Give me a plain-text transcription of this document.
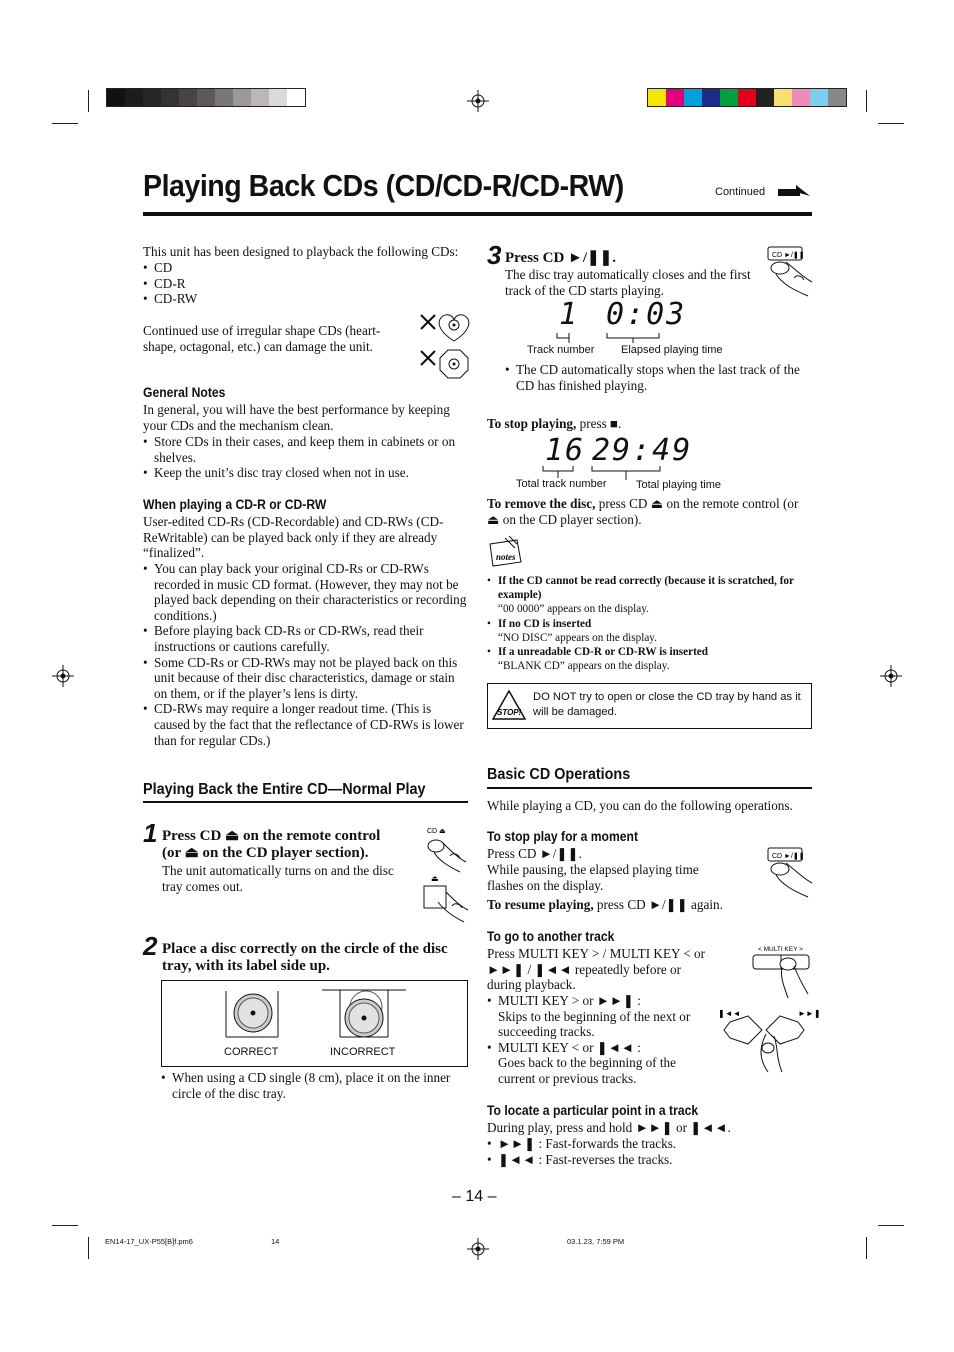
Playing Back CDs (CD/CD-R/CD-RW)	Continued
This unit has been designed to playback the following CDs:
• CD
• CD-R
• CD-RW
Continued use of irregular shape CDs (heart-shape, octagonal, etc.) can damage the unit.
General Notes
In general, you will have the best performance by keeping your CDs and the mechanism clean.
• Store CDs in their cases, and keep them in cabinets or on shelves.
• Keep the unit’s disc tray closed when not in use.
When playing a CD-R or CD-RW
User-edited CD-Rs (CD-Recordable) and CD-RWs (CD-ReWritable) can be played back only if they are already “finalized”.
• You can play back your original CD-Rs or CD-RWs recorded in music CD format. (However, they may not be played back depending on their characteristics or recording conditions.)
• Before playing back CD-Rs or CD-RWs, read their instructions or cautions carefully.
• Some CD-Rs or CD-RWs may not be played back on this unit because of their disc characteristics, damage or stain on them, or if the player’s lens is dirty.
• CD-RWs may require a longer readout time. (This is caused by the fact that the reflectance of CD-RWs is lower than for regular CDs.)
Playing Back the Entire CD—Normal Play
1 Press CD ⏏ on the remote control (or ⏏ on the CD player section).
The unit automatically turns on and the disc tray comes out.
CD ⏏
⏏
2 Place a disc correctly on the circle of the disc tray, with its label side up.
CORRECT	INCORRECT
• When using a CD single (8 cm), place it on the inner circle of the disc tray.
3 Press CD ►/❚❚.
The disc tray automatically closes and the first track of the CD starts playing.
CD ►/❚❚
1 0:03
Track number Elapsed playing time
• The CD automatically stops when the last track of the CD has finished playing.
To stop playing, press ■.
16 29:49
Total track number	Total playing time
To remove the disc, press CD ⏏ on the remote control (or ⏏ on the CD player section).
notes
• If the CD cannot be read correctly (because it is scratched, for example)
“00 0000” appears on the display.
• If no CD is inserted
“NO DISC” appears on the display.
• If a unreadable CD-R or CD-RW is inserted
“BLANK CD” appears on the display.
STOP!
DO NOT try to open or close the CD tray by hand as it will be damaged.
Basic CD Operations
While playing a CD, you can do the following operations.
To stop play for a moment
Press CD ►/❚❚.
While pausing, the elapsed playing time flashes on the display.
To resume playing, press CD ►/❚❚ again.
CD ►/❚❚
To go to another track
Press MULTI KEY > / MULTI KEY < or ►►❚ / ❚◄◄ repeatedly before or during playback.
• MULTI KEY > or ►►❚ :
Skips to the beginning of the next or succeeding tracks.
• MULTI KEY < or ❚◄◄ :
Goes back to the beginning of the current or previous tracks.
< MULTI KEY >
❚◄◄	►►❚
To locate a particular point in a track
During play, press and hold ►►❚ or ❚◄◄.
• ►►❚ : Fast-forwards the tracks.
• ❚◄◄ : Fast-reverses the tracks.
– 14 –
EN14-17_UX-P55[B]f.pm6	14	03.1.23, 7:59 PM
